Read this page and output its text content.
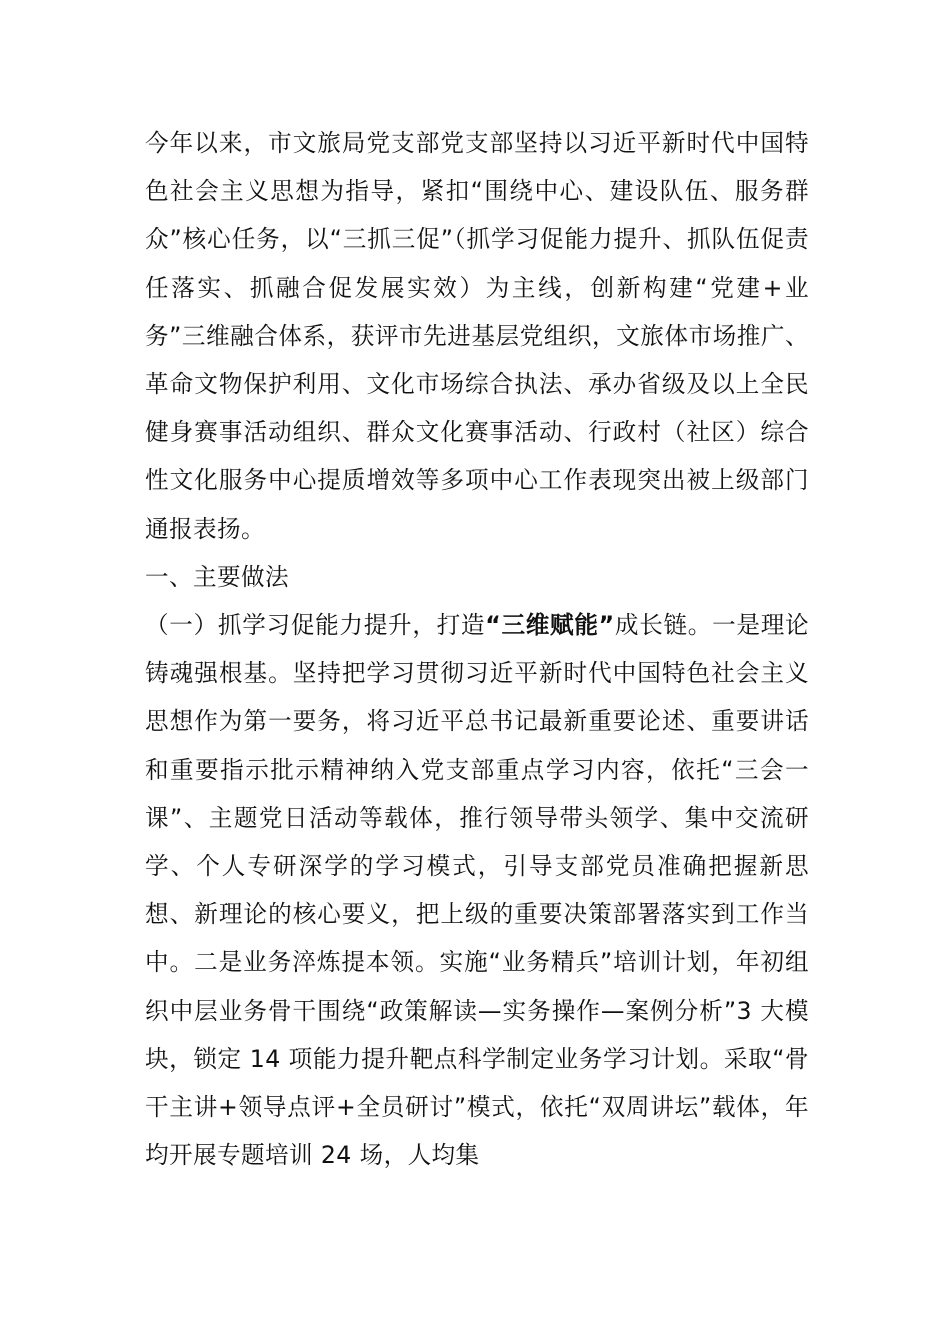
今年以来，市文旅局党支部党支部坚持以习近平新时代中国特色社会主义思想为指导，紧扣“围绕中心、建设队伍、服务群众”核心任务，以“三抓三促”（抓学习促能力提升、抓队伍促责任落实、抓融合促发展实效）为主线，创新构建“党建+业务”三维融合体系，获评市先进基层党组织，文旅体市场推广、革命文物保护利用、文化市场综合执法、承办省级及以上全民健身赛事活动组织、群众文化赛事活动、行政村（社区）综合性文化服务中心提质增效等多项中心工作表现突出被上级部门通报表扬。

一、主要做法

（一）抓学习促能力提升，打造“三维赋能”成长链。一是理论铸魂强根基。坚持把学习贯彻习近平新时代中国特色社会主义思想作为第一要务，将习近平总书记最新重要论述、重要讲话和重要指示批示精神纳入党支部重点学习内容，依托“三会一课”、主题党日活动等载体，推行领导带头领学、集中交流研学、个人专研深学的学习模式，引导支部党员准确把握新思想、新理论的核心要义，把上级的重要决策部署落实到工作当中。二是业务淬炼提本领。实施“业务精兵”培训计划，年初组织中层业务骨干围绕“政策解读—实务操作—案例分析”3 大模块，锁定 14 项能力提升靶点科学制定业务学习计划。采取“骨干主讲+领导点评+全员研讨”模式，依托“双周讲坛”载体，年均开展专题培训 24 场，人均集
